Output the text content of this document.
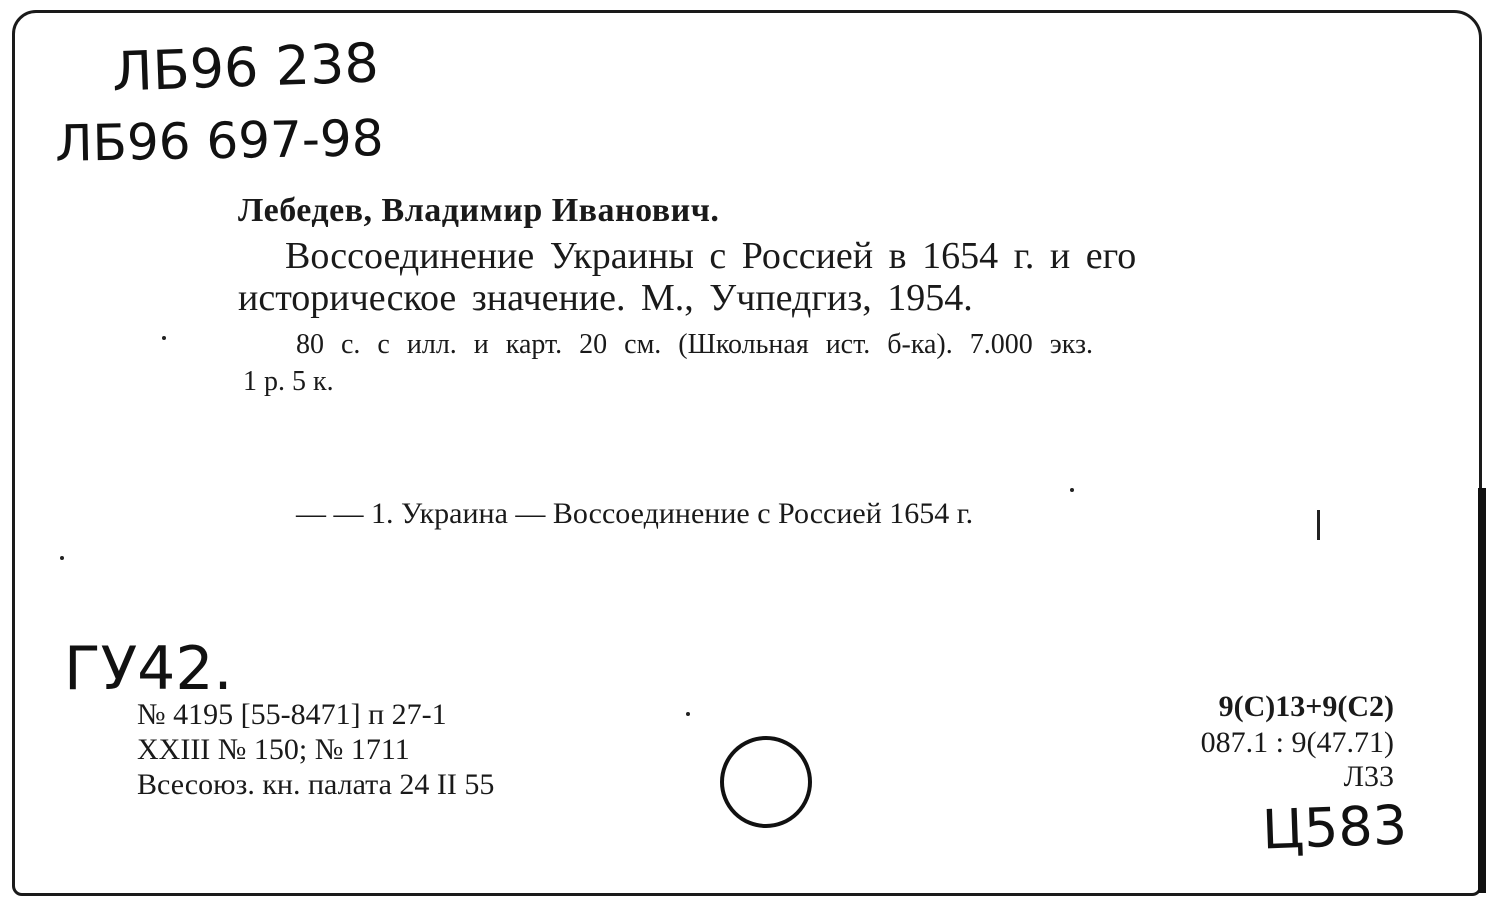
ЛБ96 238
ЛБ96 697-98
Лебедев, Владимир Иванович.
Воссоединение Украины с Россией в 1654 г. и его
историческое значение. М., Учпедгиз, 1954.
80 с. с илл. и карт. 20 см. (Школьная ист. б-ка). 7.000 экз.
1 р. 5 к.
— — 1. Украина — Воссоединение с Россией 1654 г.
ГУ42.
№ 4195 [55-8471] п 27-1
XXIII № 150; № 1711
Всесоюз. кн. палата 24 II 55
9(С)13+9(С2)
087.1 : 9(47.71)
Л33
Ц583
